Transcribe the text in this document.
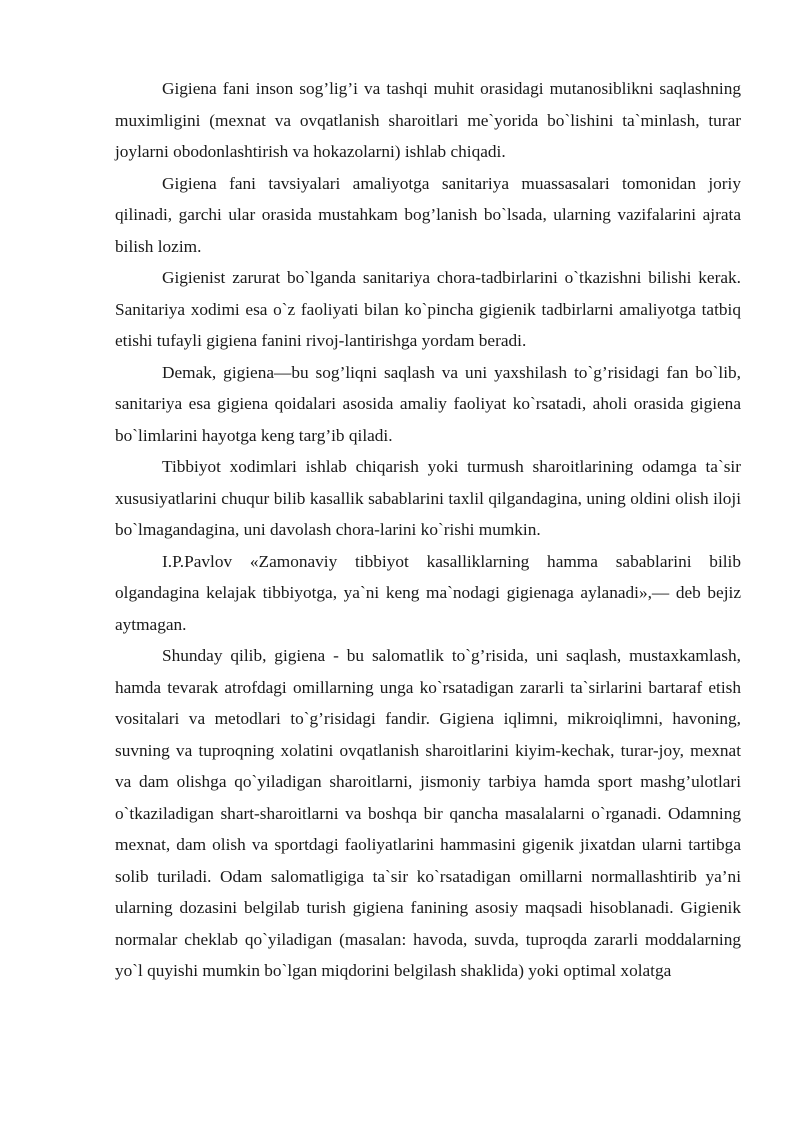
Gigiena fani inson sog’lig’i va tashqi muhit orasidagi mutanosiblikni saqlashning muximligini (mexnat va ovqatlanish sharoitlari me`yorida bo`lishini ta`minlash, turar joylarni obodonlashtirish va hokazolarni) ishlab chiqadi.

Gigiena fani tavsiyalari amaliyotga sanitariya muassasalari tomonidan joriy qilinadi, garchi ular orasida mustahkam bog’lanish bo`lsada, ularning vazifalarini ajrata bilish lozim.

Gigienist zarurat bo`lganda sanitariya chora-tadbirlarini o`tkazishni bilishi kerak. Sanitariya xodimi esa o`z faoliyati bilan ko`pincha gigienik tadbirlarni amaliyotga tatbiq etishi tufayli gigiena fanini rivoj-lantirishga yordam beradi.

Demak, gigiena—bu sog’liqni saqlash va uni yaxshilash to`g’risidagi fan bo`lib, sanitariya esa gigiena qoidalari asosida amaliy faoliyat ko`rsatadi, aholi orasida gigiena bo`limlarini hayotga keng targ’ib qiladi.

Tibbiyot xodimlari ishlab chiqarish yoki turmush sharoitlarining odamga ta`sir xususiyatlarini chuqur bilib kasallik sabablarini taxlil qilgandagina, uning oldini olish iloji bo`lmagandagina, uni davolash chora-larini ko`rishi mumkin.

I.P.Pavlov «Zamonaviy tibbiyot kasalliklarning hamma sabablarini bilib olgandagina kelajak tibbiyotga, ya`ni keng ma`nodagi gigienaga aylanadi»,— deb bejiz aytmagan.

Shunday qilib, gigiena - bu salomatlik to`g’risida, uni saqlash, mustaxkamlash, hamda tevarak atrofdagi omillarning unga ko`rsatadigan zararli ta`sirlarini bartaraf etish vositalari va metodlari to`g’risidagi fandir. Gigiena iqlimni, mikroiqlimni, havoning, suvning va tuproqning xolatini ovqatlanish sharoitlarini kiyim-kechak, turar-joy, mexnat va dam olishga qo`yiladigan sharoitlarni, jismoniy tarbiya hamda sport mashg’ulotlari o`tkaziladigan shart-sharoitlarni va boshqa bir qancha masalalarni o`rganadi. Odamning mexnat, dam olish va sportdagi faoliyatlarini hammasini gigenik jixatdan ularni tartibga solib turiladi. Odam salomatligiga ta`sir ko`rsatadigan omillarni normallashtirib ya’ni ularning dozasini belgilab turish gigiena fanining asosiy maqsadi hisoblanadi. Gigienik normalar cheklab qo`yiladigan (masalan: havoda, suvda, tuproqda zararli moddalarning yo`l quyishi mumkin bo`lgan miqdorini belgilash shaklida) yoki optimal xolatga
